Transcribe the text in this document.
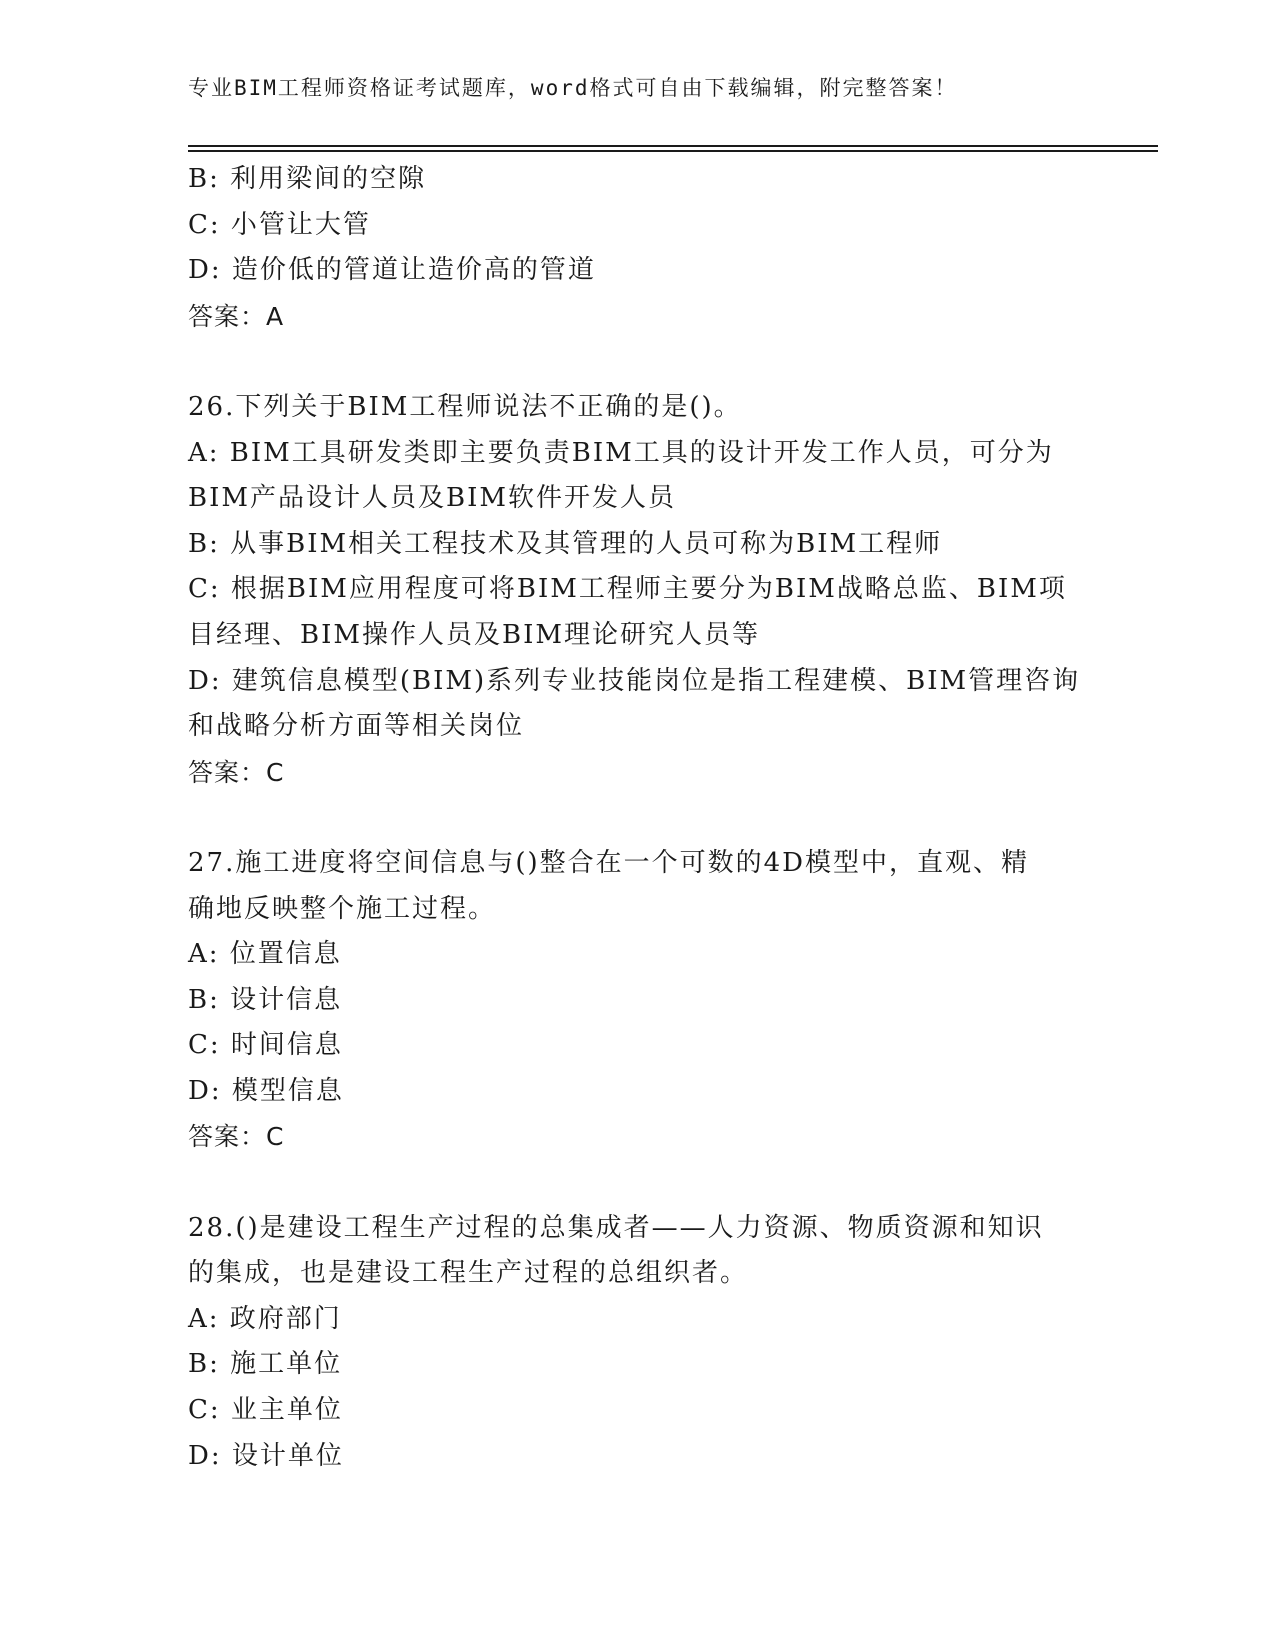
专业BIM工程师资格证考试题库，word格式可自由下载编辑，附完整答案！
B: 利用梁间的空隙
C: 小管让大管
D: 造价低的管道让造价高的管道
答案：A
26.下列关于BIM工程师说法不正确的是()。
A: BIM工具研发类即主要负责BIM工具的设计开发工作人员，可分为
BIM产品设计人员及BIM软件开发人员
B: 从事BIM相关工程技术及其管理的人员可称为BIM工程师
C: 根据BIM应用程度可将BIM工程师主要分为BIM战略总监、BIM项
目经理、BIM操作人员及BIM理论研究人员等
D: 建筑信息模型(BIM)系列专业技能岗位是指工程建模、BIM管理咨询
和战略分析方面等相关岗位
答案：C
27.施工进度将空间信息与()整合在一个可数的4D模型中，直观、精
确地反映整个施工过程。
A: 位置信息
B: 设计信息
C: 时间信息
D: 模型信息
答案：C
28.()是建设工程生产过程的总集成者——人力资源、物质资源和知识
的集成，也是建设工程生产过程的总组织者。
A: 政府部门
B: 施工单位
C: 业主单位
D: 设计单位
